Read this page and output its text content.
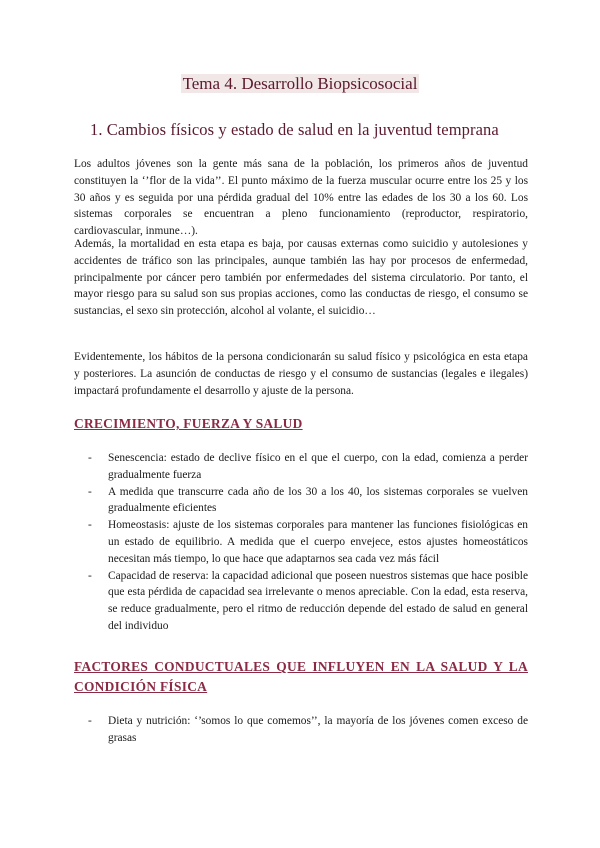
Tema 4. Desarrollo Biopsicosocial
1. Cambios físicos y estado de salud en la juventud temprana

Los adultos jóvenes son la gente más sana de la población, los primeros años de juventud constituyen la ‘’flor de la vida’’. El punto máximo de la fuerza muscular ocurre entre los 25 y los 30 años y es seguida por una pérdida gradual del 10% entre las edades de los 30 a los 60. Los sistemas corporales se encuentran a pleno funcionamiento (reproductor, respiratorio, cardiovascular, inmune…).

Además, la mortalidad en esta etapa es baja, por causas externas como suicidio y autolesiones y accidentes de tráfico son las principales, aunque también las hay por procesos de enfermedad, principalmente por cáncer pero también por enfermedades del sistema circulatorio. Por tanto, el mayor riesgo para su salud son sus propias acciones, como las conductas de riesgo, el consumo se sustancias, el sexo sin protección, alcohol al volante, el suicidio…

Evidentemente, los hábitos de la persona condicionarán su salud físico y psicológica en esta etapa y posteriores. La asunción de conductas de riesgo y el consumo de sustancias (legales e ilegales) impactará profundamente el desarrollo y ajuste de la persona.

CRECIMIENTO, FUERZA Y SALUD
- Senescencia: estado de declive físico en el que el cuerpo, con la edad, comienza a perder gradualmente fuerza
- A medida que transcurre cada año de los 30 a los 40, los sistemas corporales se vuelven gradualmente eficientes
- Homeostasis: ajuste de los sistemas corporales para mantener las funciones fisiológicas en un estado de equilibrio. A medida que el cuerpo envejece, estos ajustes homeostáticos necesitan más tiempo, lo que hace que adaptarnos sea cada vez más fácil
- Capacidad de reserva: la capacidad adicional que poseen nuestros sistemas que hace posible que esta pérdida de capacidad sea irrelevante o menos apreciable. Con la edad, esta reserva, se reduce gradualmente, pero el ritmo de reducción depende del estado de salud en general del individuo
FACTORES CONDUCTUALES QUE INFLUYEN EN LA SALUD Y LA CONDICIÓN FÍSICA
- Dieta y nutrición: ‘’somos lo que comemos’’, la mayoría de los jóvenes comen exceso de grasas
